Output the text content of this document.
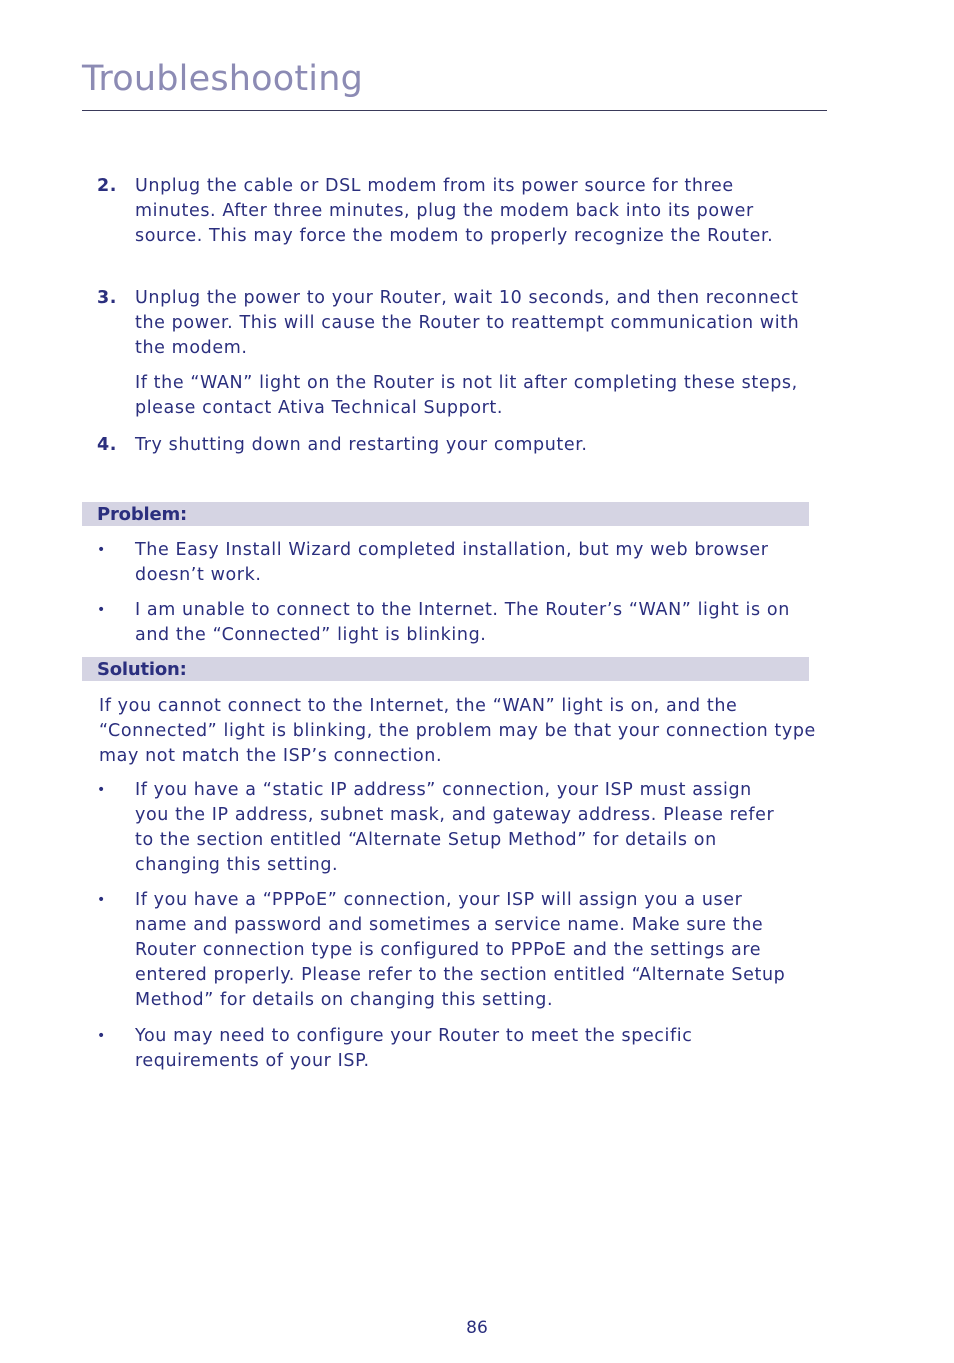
Troubleshooting
2. Unplug the cable or DSL modem from its power source for three minutes. After three minutes, plug the modem back into its power source. This may force the modem to properly recognize the Router.
3. Unplug the power to your Router, wait 10 seconds, and then reconnect the power. This will cause the Router to reattempt communication with the modem.
If the “WAN” light on the Router is not lit after completing these steps, please contact Ativa Technical Support.
4. Try shutting down and restarting your computer.
Problem:
• The Easy Install Wizard completed installation, but my web browser doesn’t work.
• I am unable to connect to the Internet. The Router’s “WAN” light is on and the “Connected” light is blinking.
Solution:
If you cannot connect to the Internet, the “WAN” light is on, and the “Connected” light is blinking, the problem may be that your connection type may not match the ISP’s connection.
• If you have a “static IP address” connection, your ISP must assign you the IP address, subnet mask, and gateway address. Please refer to the section entitled “Alternate Setup Method” for details on changing this setting.
• If you have a “PPPoE” connection, your ISP will assign you a user name and password and sometimes a service name. Make sure the Router connection type is configured to PPPoE and the settings are entered properly. Please refer to the section entitled “Alternate Setup Method” for details on changing this setting.
• You may need to configure your Router to meet the specific requirements of your ISP.
86
